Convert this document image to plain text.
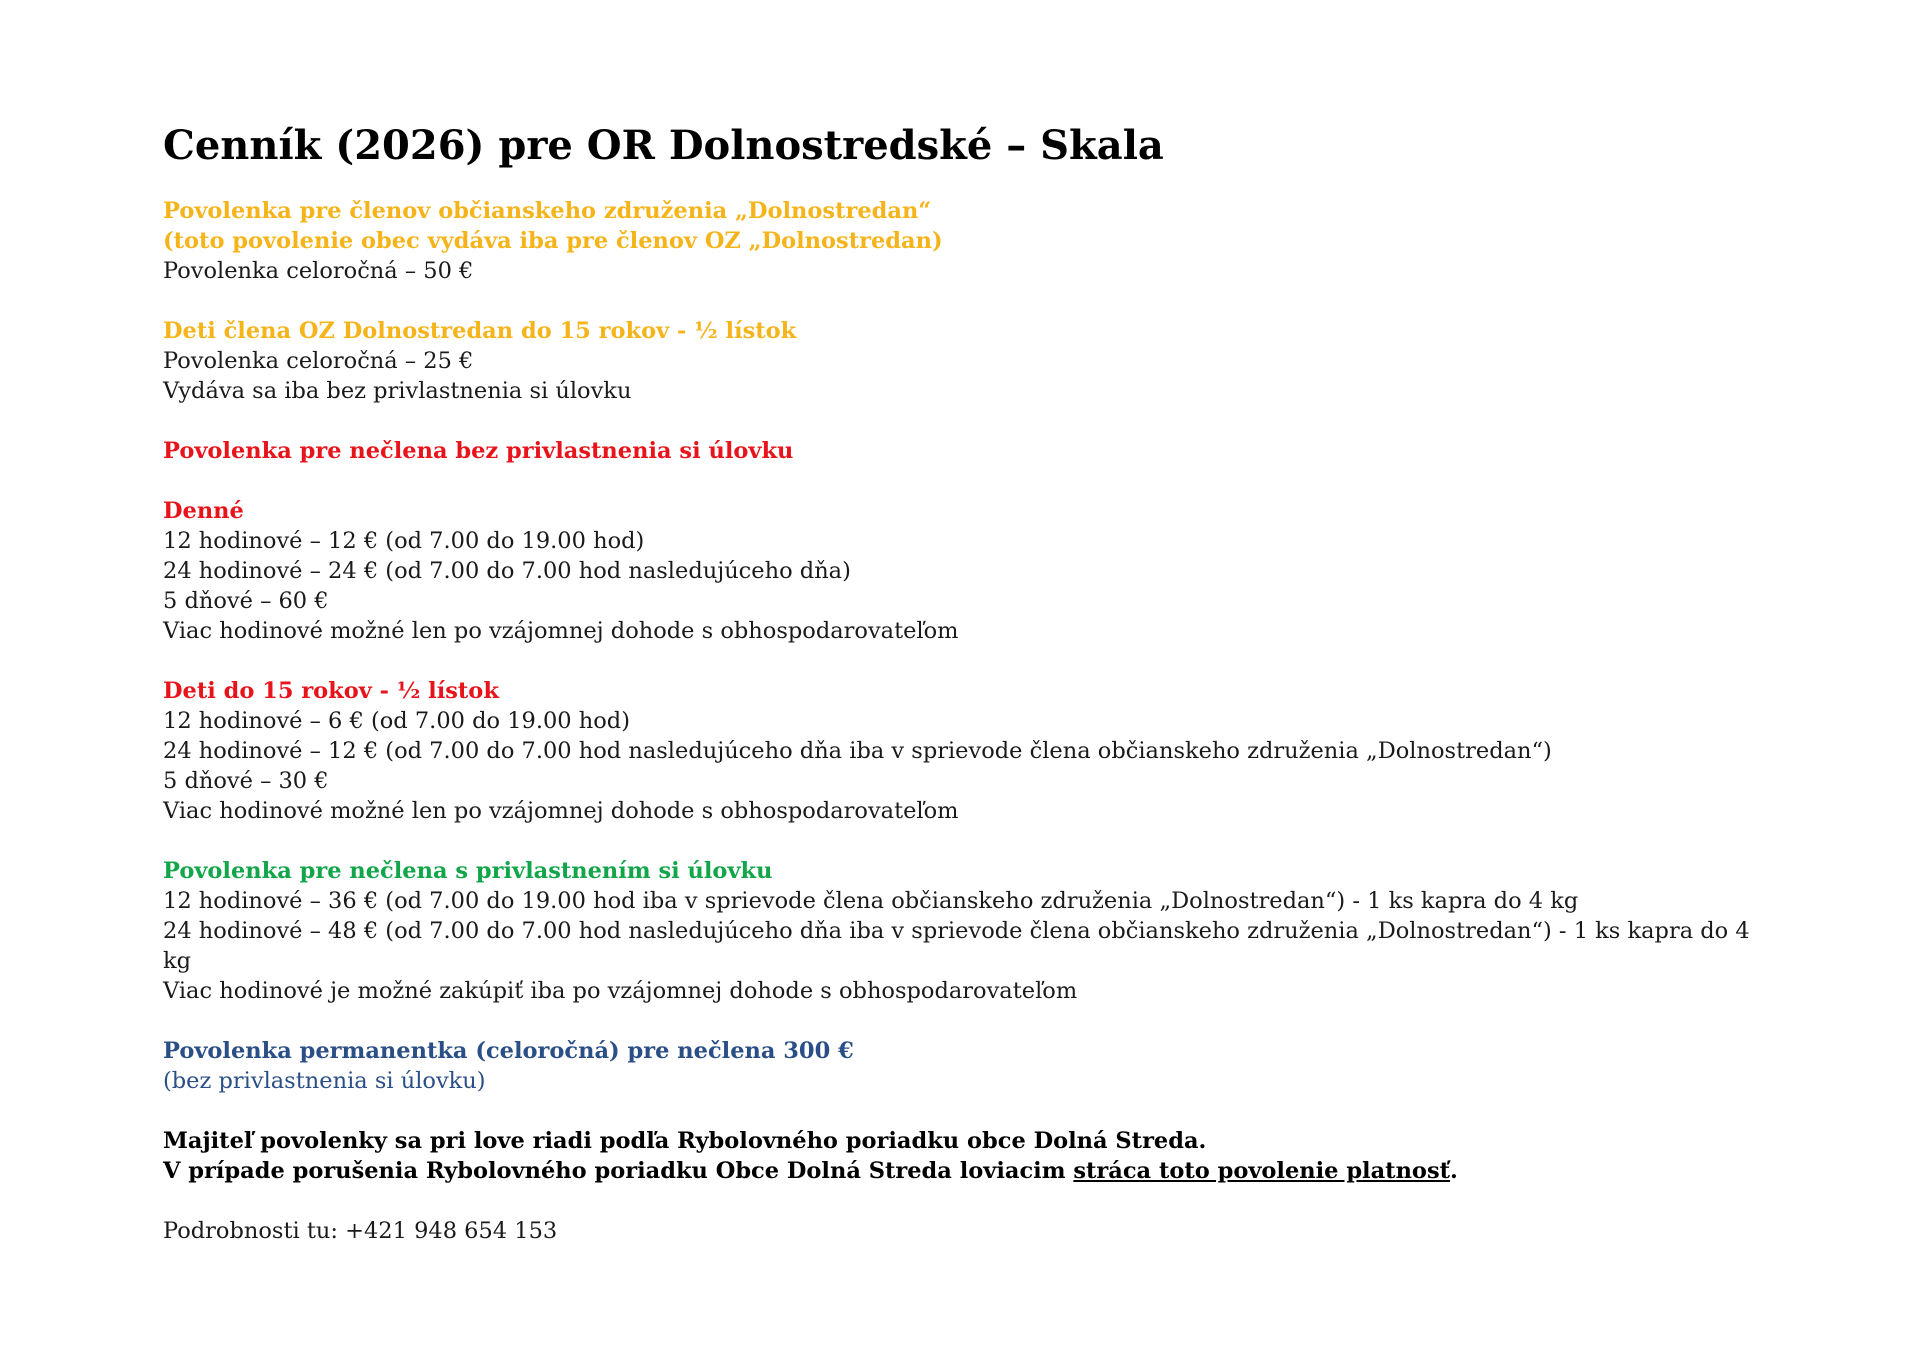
Cenník (2026) pre OR Dolnostredské – Skala
Povolenka pre členov občianskeho združenia „Dolnostredan“
(toto povolenie obec vydáva iba pre členov OZ „Dolnostredan)
Povolenka celoročná – 50 €
Deti člena OZ Dolnostredan do 15 rokov - ½ lístok
Povolenka celoročná – 25 €
Vydáva sa iba bez privlastnenia si úlovku
Povolenka pre nečlena bez privlastnenia si úlovku
Denné
12 hodinové – 12 € (od 7.00 do 19.00 hod)
24 hodinové – 24 € (od 7.00 do 7.00 hod nasledujúceho dňa)
5 dňové – 60 €
Viac hodinové možné len po vzájomnej dohode s obhospodarovateľom
Deti do 15 rokov - ½ lístok
12 hodinové – 6 € (od 7.00 do 19.00 hod)
24 hodinové – 12 € (od 7.00 do 7.00 hod nasledujúceho dňa iba v sprievode člena občianskeho združenia „Dolnostredan“)
5 dňové – 30 €
Viac hodinové možné len po vzájomnej dohode s obhospodarovateľom
Povolenka pre nečlena s privlastnením si úlovku
12 hodinové – 36 € (od 7.00 do 19.00 hod iba v sprievode člena občianskeho združenia „Dolnostredan“) - 1 ks kapra do 4 kg
24 hodinové – 48 € (od 7.00 do 7.00 hod nasledujúceho dňa iba v sprievode člena občianskeho združenia „Dolnostredan“) - 1 ks kapra do 4 kg
Viac hodinové je možné zakúpiť iba po vzájomnej dohode s obhospodarovateľom
Povolenka permanentka (celoročná) pre nečlena 300 €
(bez privlastnenia si úlovku)
Majiteľ povolenky sa pri love riadi podľa Rybolovného poriadku obce Dolná Streda.
V prípade porušenia Rybolovného poriadku Obce Dolná Streda loviacim stráca toto povolenie platnosť.
Podrobnosti tu: +421 948 654 153
